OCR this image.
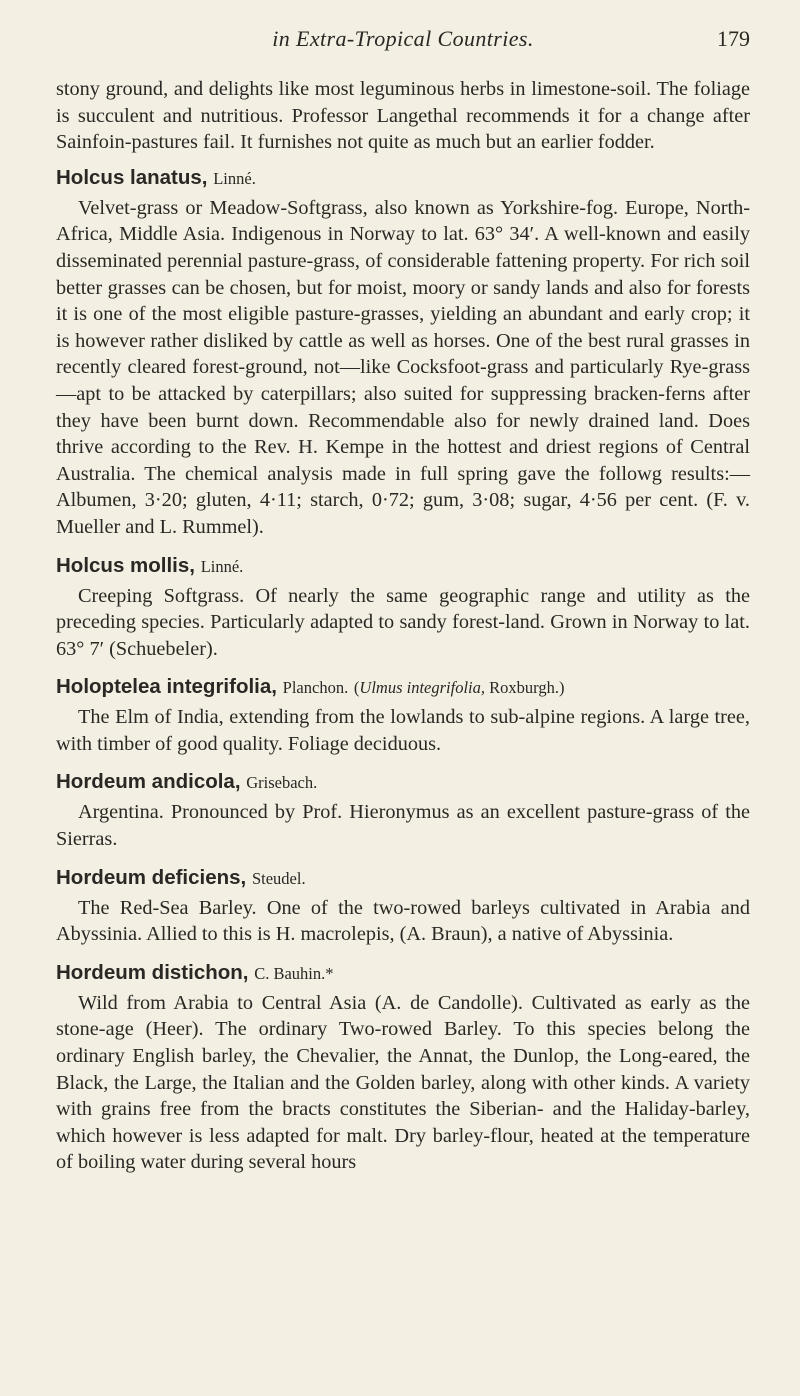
in Extra-Tropical Countries.	179

stony ground, and delights like most leguminous herbs in limestone-soil. The foliage is succulent and nutritious. Professor Langethal recommends it for a change after Sainfoin-pastures fail. It furnishes not quite as much but an earlier fodder.

Holcus lanatus, Linné.

Velvet-grass or Meadow-Softgrass, also known as Yorkshire-fog. Europe, North-Africa, Middle Asia. Indigenous in Norway to lat. 63° 34′. A well-known and easily disseminated perennial pasture-grass, of considerable fattening property. For rich soil better grasses can be chosen, but for moist, moory or sandy lands and also for forests it is one of the most eligible pasture-grasses, yielding an abundant and early crop; it is however rather disliked by cattle as well as horses. One of the best rural grasses in recently cleared forest-ground, not—like Cocksfoot-grass and particularly Rye-grass—apt to be attacked by caterpillars; also suited for suppressing bracken-ferns after they have been burnt down. Recommendable also for newly drained land. Does thrive according to the Rev. H. Kempe in the hottest and driest regions of Central Australia. The chemical analysis made in full spring gave the followg results:—Albumen, 3·20; gluten, 4·11; starch, 0·72; gum, 3·08; sugar, 4·56 per cent. (F. v. Mueller and L. Rummel).

Holcus mollis, Linné.

Creeping Softgrass. Of nearly the same geographic range and utility as the preceding species. Particularly adapted to sandy forest-land. Grown in Norway to lat. 63° 7′ (Schuebeler).

Holoptelea integrifolia, Planchon. (Ulmus integrifolia, Roxburgh.)

The Elm of India, extending from the lowlands to sub-alpine regions. A large tree, with timber of good quality. Foliage deciduous.

Hordeum andicola, Grisebach.

Argentina. Pronounced by Prof. Hieronymus as an excellent pasture-grass of the Sierras.

Hordeum deficiens, Steudel.

The Red-Sea Barley. One of the two-rowed barleys cultivated in Arabia and Abyssinia. Allied to this is H. macrolepis, (A. Braun), a native of Abyssinia.

Hordeum distichon, C. Bauhin.*

Wild from Arabia to Central Asia (A. de Candolle). Cultivated as early as the stone-age (Heer). The ordinary Two-rowed Barley. To this species belong the ordinary English barley, the Chevalier, the Annat, the Dunlop, the Long-eared, the Black, the Large, the Italian and the Golden barley, along with other kinds. A variety with grains free from the bracts constitutes the Siberian- and the Haliday-barley, which however is less adapted for malt. Dry barley-flour, heated at the temperature of boiling water during several hours
